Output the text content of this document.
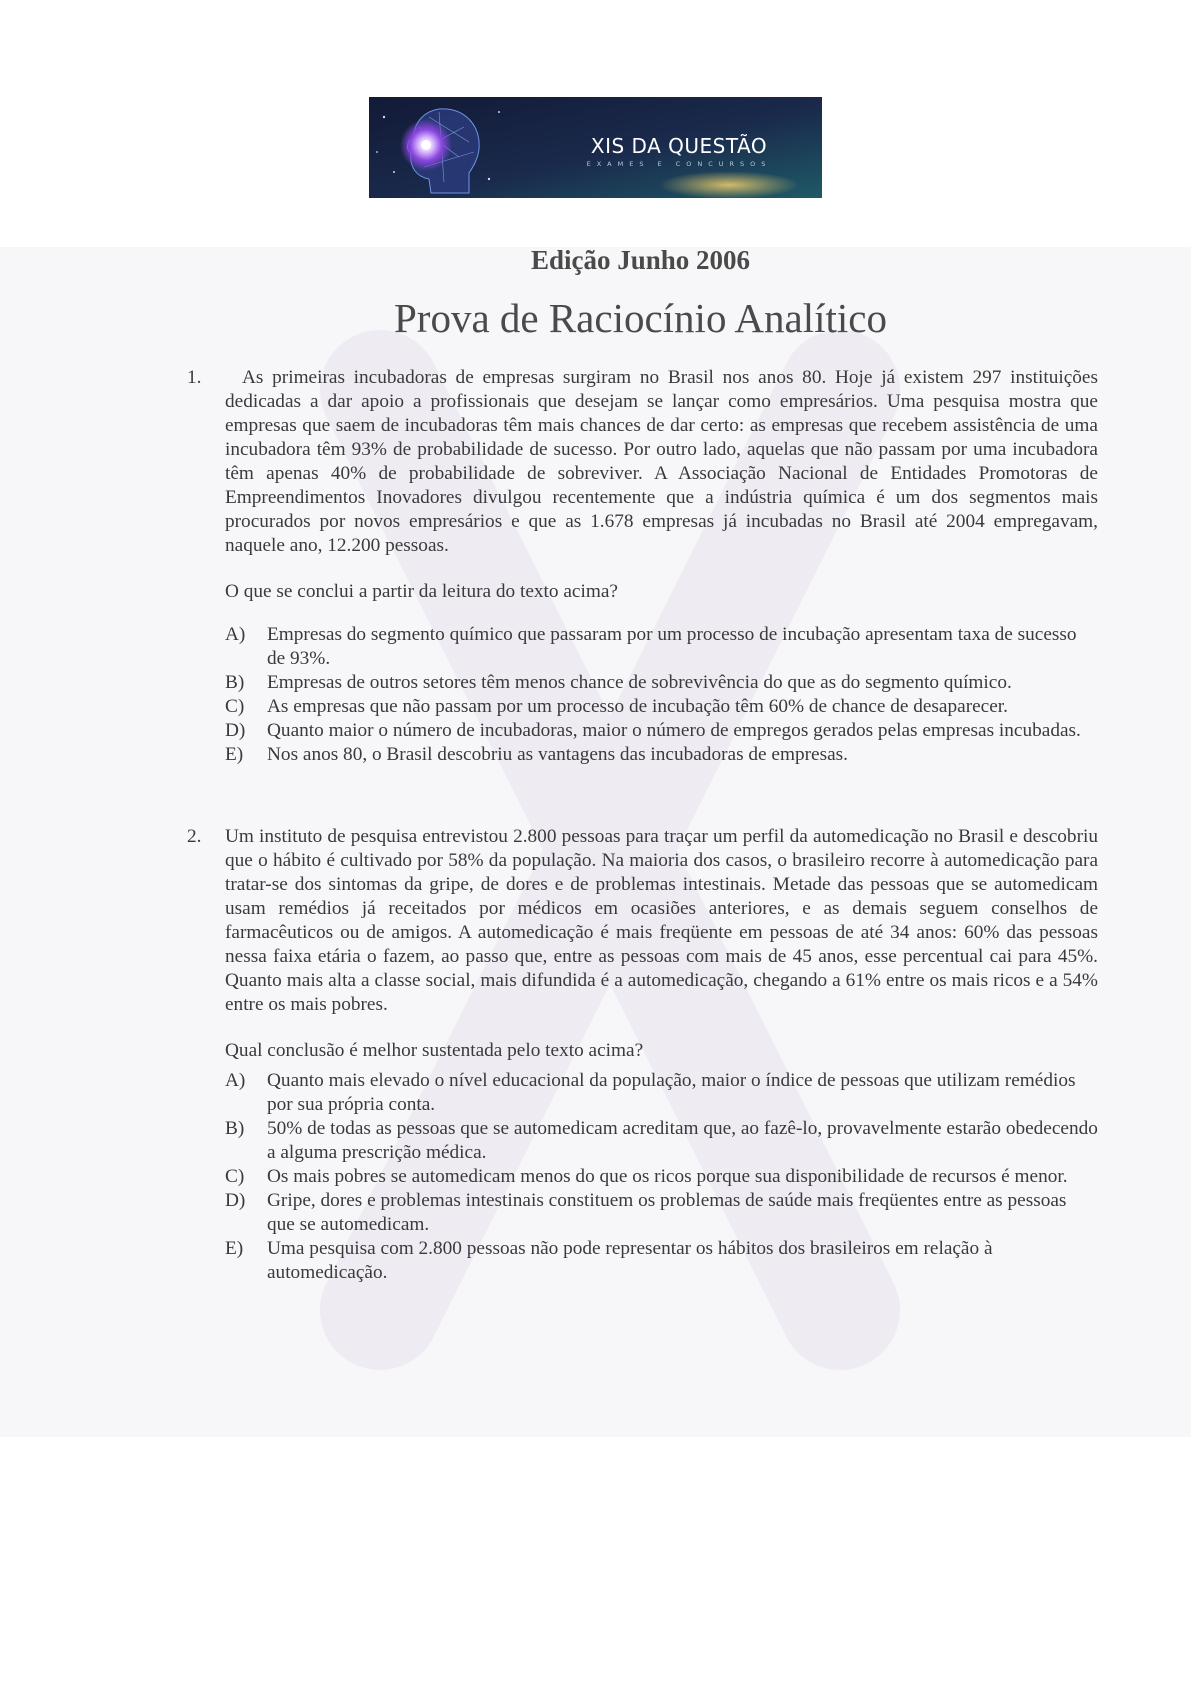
XIS DA QUESTÃO
EXAMES E CONCURSOS
Edição Junho 2006
Prova de Raciocínio Analítico
1.	As primeiras incubadoras de empresas surgiram no Brasil nos anos 80. Hoje já existem 297 instituições dedicadas a dar apoio a profissionais que desejam se lançar como empresários. Uma pesquisa mostra que empresas que saem de incubadoras têm mais chances de dar certo: as empresas que recebem assistência de uma incubadora têm 93% de probabilidade de sucesso. Por outro lado, aquelas que não passam por uma incubadora têm apenas 40% de probabilidade de sobreviver. A Associação Nacional de Entidades Promotoras de Empreendimentos Inovadores divulgou recentemente que a indústria química é um dos segmentos mais procurados por novos empresários e que as 1.678 empresas já incubadas no Brasil até 2004 empregavam, naquele ano, 12.200 pessoas.

O que se conclui a partir da leitura do texto acima?

A) Empresas do segmento químico que passaram por um processo de incubação apresentam taxa de sucesso de 93%.
B) Empresas de outros setores têm menos chance de sobrevivência do que as do segmento químico.
C) As empresas que não passam por um processo de incubação têm 60% de chance de desaparecer.
D) Quanto maior o número de incubadoras, maior o número de empregos gerados pelas empresas incubadas.
E) Nos anos 80, o Brasil descobriu as vantagens das incubadoras de empresas.
2. Um instituto de pesquisa entrevistou 2.800 pessoas para traçar um perfil da automedicação no Brasil e descobriu que o hábito é cultivado por 58% da população. Na maioria dos casos, o brasileiro recorre à automedicação para tratar-se dos sintomas da gripe, de dores e de problemas intestinais. Metade das pessoas que se automedicam usam remédios já receitados por médicos em ocasiões anteriores, e as demais seguem conselhos de farmacêuticos ou de amigos. A automedicação é mais freqüente em pessoas de até 34 anos: 60% das pessoas nessa faixa etária o fazem, ao passo que, entre as pessoas com mais de 45 anos, esse percentual cai para 45%. Quanto mais alta a classe social, mais difundida é a automedicação, chegando a 61% entre os mais ricos e a 54% entre os mais pobres.

Qual conclusão é melhor sustentada pelo texto acima?

A) Quanto mais elevado o nível educacional da população, maior o índice de pessoas que utilizam remédios por sua própria conta.
B) 50% de todas as pessoas que se automedicam acreditam que, ao fazê-lo, provavelmente estarão obedecendo a alguma prescrição médica.
C) Os mais pobres se automedicam menos do que os ricos porque sua disponibilidade de recursos é menor.
D) Gripe, dores e problemas intestinais constituem os problemas de saúde mais freqüentes entre as pessoas que se automedicam.
E) Uma pesquisa com 2.800 pessoas não pode representar os hábitos dos brasileiros em relação à automedicação.
